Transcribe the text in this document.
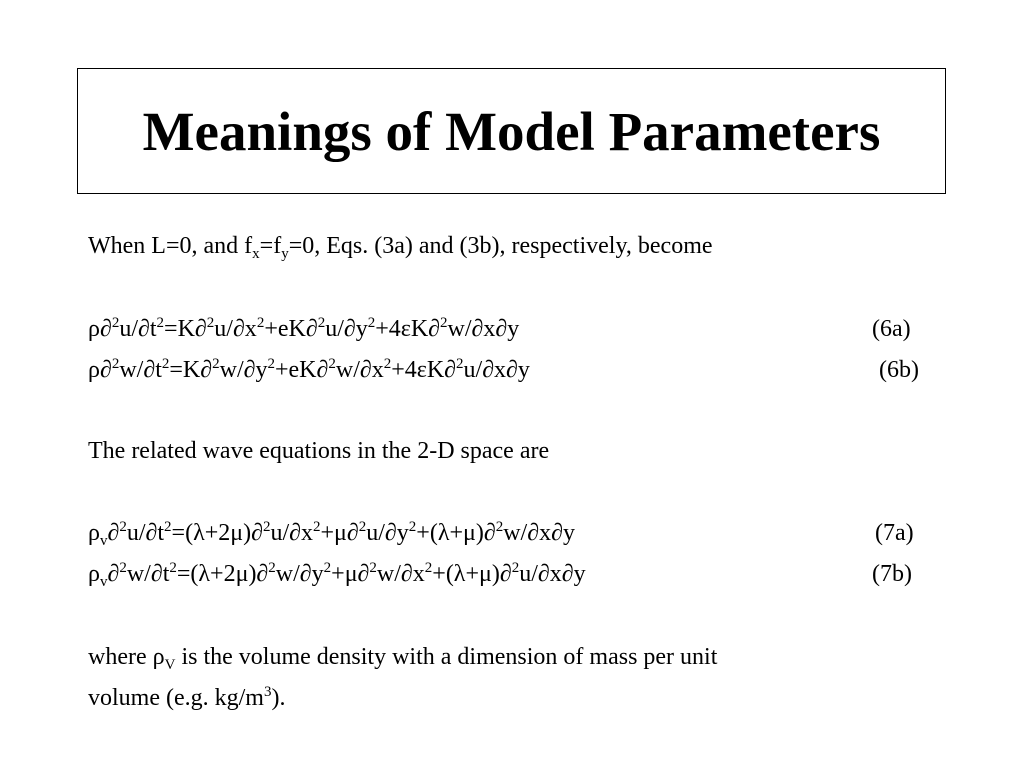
Meanings of Model Parameters
When L=0, and $f_x=f_y=0$, Eqs. (3a) and (3b), respectively, become
$\rho\partial^2u/\partial t^2=K\partial^2u/\partial x^2+eK\partial^2u/\partial y^2+4\varepsilon K\partial^2w/\partial x\partial y$	(6a)
$\rho\partial^2w/\partial t^2=K\partial^2w/\partial y^2+eK\partial^2w/\partial x^2+4\varepsilon K\partial^2u/\partial x\partial y$	(6b)
The related wave equations in the 2-D space are
$\rho_v\partial^2u/\partial t^2=(\lambda+2\mu)\partial^2u/\partial x^2+\mu\partial^2u/\partial y^2+(\lambda+\mu)\partial^2w/\partial x\partial y$	(7a)
$\rho_v\partial^2w/\partial t^2=(\lambda+2\mu)\partial^2w/\partial y^2+\mu\partial^2w/\partial x^2+(\lambda+\mu)\partial^2u/\partial x\partial y$	(7b)
where $\rho_V$ is the volume density with a dimension of mass per unit
volume (e.g. $kg/m^3$).
